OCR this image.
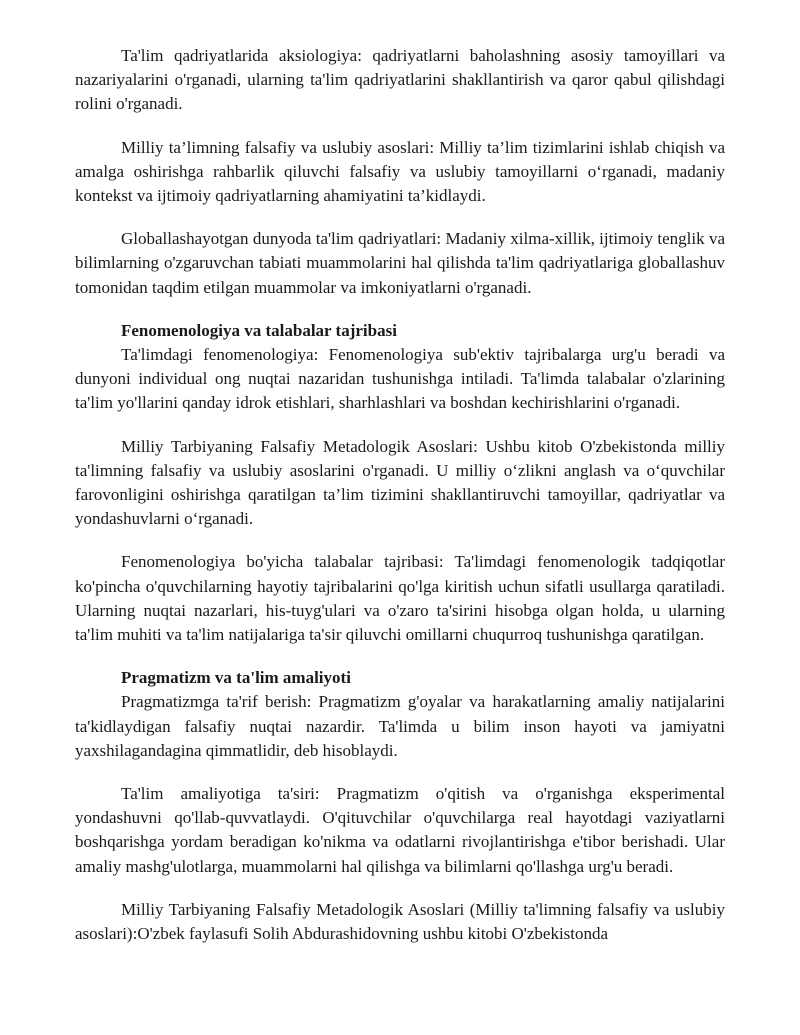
Ta'lim qadriyatlarida aksiologiya: qadriyatlarni baholashning asosiy tamoyillari va nazariyalarini o'rganadi, ularning ta'lim qadriyatlarini shakllantirish va qaror qabul qilishdagi rolini o'rganadi.

Milliy ta’limning falsafiy va uslubiy asoslari: Milliy ta’lim tizimlarini ishlab chiqish va amalga oshirishga rahbarlik qiluvchi falsafiy va uslubiy tamoyillarni o‘rganadi, madaniy kontekst va ijtimoiy qadriyatlarning ahamiyatini ta’kidlaydi.

Globallashayotgan dunyoda ta'lim qadriyatlari: Madaniy xilma-xillik, ijtimoiy tenglik va bilimlarning o'zgaruvchan tabiati muammolarini hal qilishda ta'lim qadriyatlariga globallashuv tomonidan taqdim etilgan muammolar va imkoniyatlarni o'rganadi.

Fenomenologiya va talabalar tajribasi

Ta'limdagi fenomenologiya: Fenomenologiya sub'ektiv tajribalarga urg'u beradi va dunyoni individual ong nuqtai nazaridan tushunishga intiladi. Ta'limda talabalar o'zlarining ta'lim yo'llarini qanday idrok etishlari, sharhlashlari va boshdan kechirishlarini o'rganadi.

Milliy Tarbiyaning Falsafiy Metadologik Asoslari: Ushbu kitob O'zbekistonda milliy ta'limning falsafiy va uslubiy asoslarini o'rganadi. U milliy o‘zlikni anglash va o‘quvchilar farovonligini oshirishga qaratilgan ta’lim tizimini shakllantiruvchi tamoyillar, qadriyatlar va yondashuvlarni o‘rganadi.

Fenomenologiya bo'yicha talabalar tajribasi: Ta'limdagi fenomenologik tadqiqotlar ko'pincha o'quvchilarning hayotiy tajribalarini qo'lga kiritish uchun sifatli usullarga qaratiladi. Ularning nuqtai nazarlari, his-tuyg'ulari va o'zaro ta'sirini hisobga olgan holda, u ularning ta'lim muhiti va ta'lim natijalariga ta'sir qiluvchi omillarni chuqurroq tushunishga qaratilgan.

Pragmatizm va ta'lim amaliyoti

Pragmatizmga ta'rif berish: Pragmatizm g'oyalar va harakatlarning amaliy natijalarini ta'kidlaydigan falsafiy nuqtai nazardir. Ta'limda u bilim inson hayoti va jamiyatni yaxshilagandagina qimmatlidir, deb hisoblaydi.

Ta'lim amaliyotiga ta'siri: Pragmatizm o'qitish va o'rganishga eksperimental yondashuvni qo'llab-quvvatlaydi. O'qituvchilar o'quvchilarga real hayotdagi vaziyatlarni boshqarishga yordam beradigan ko'nikma va odatlarni rivojlantirishga e'tibor berishadi. Ular amaliy mashg'ulotlarga, muammolarni hal qilishga va bilimlarni qo'llashga urg'u beradi.

Milliy Tarbiyaning Falsafiy Metadologik Asoslari (Milliy ta'limning falsafiy va uslubiy asoslari):O'zbek faylasufi Solih Abdurashidovning ushbu kitobi O'zbekistonda
